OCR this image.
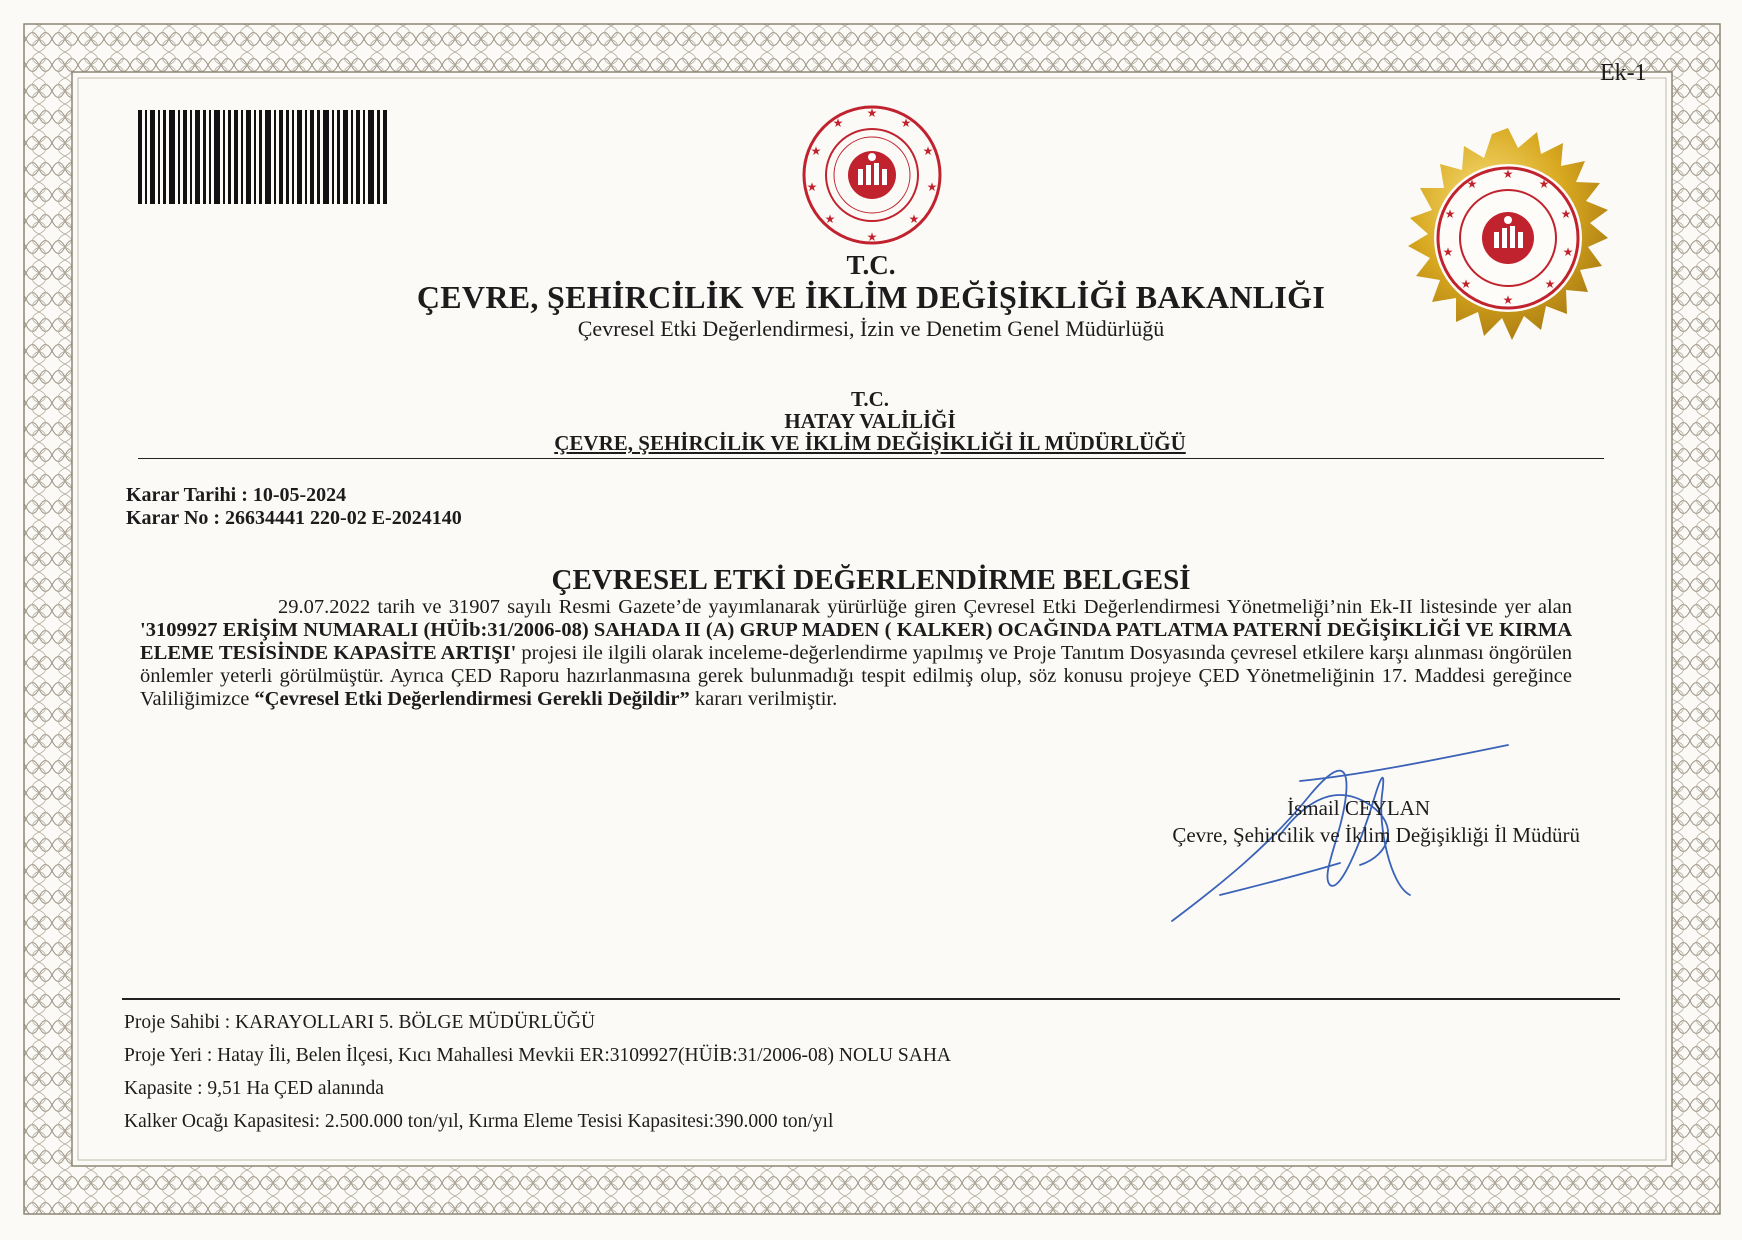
Ek-1
★
★
★
★
★
★
★
★
★
★
★
★
★
★
★
★
★
★
★
★
T.C.
ÇEVRE, ŞEHİRCİLİK VE İKLİM DEĞİŞİKLİĞİ BAKANLIĞI
Çevresel Etki Değerlendirmesi, İzin ve Denetim Genel Müdürlüğü
T.C.
HATAY VALİLİĞİ
ÇEVRE, ŞEHİRCİLİK VE İKLİM DEĞİŞİKLİĞİ İL MÜDÜRLÜĞÜ
Karar Tarihi : 10-05-2024
Karar No : 26634441 220-02 E-2024140
ÇEVRESEL ETKİ DEĞERLENDİRME BELGESİ
29.07.2022 tarih ve 31907 sayılı Resmi Gazete’de yayımlanarak yürürlüğe giren Çevresel Etki Değerlendirmesi Yönetmeliği’nin Ek-II listesinde yer alan '3109927 ERİŞİM NUMARALI (HÜİb:31/2006-08) SAHADA II (A) GRUP MADEN ( KALKER) OCAĞINDA PATLATMA PATERNİ DEĞİŞİKLİĞİ VE KIRMA ELEME TESİSİNDE KAPASİTE ARTIŞI' projesi ile ilgili olarak inceleme-değerlendirme yapılmış ve Proje Tanıtım Dosyasında çevresel etkilere karşı alınması öngörülen önlemler yeterli görülmüştür. Ayrıca ÇED Raporu hazırlanmasına gerek bulunmadığı tespit edilmiş olup, söz konusu projeye ÇED Yönetmeliğinin 17. Maddesi gereğince Valiliğimizce “Çevresel Etki Değerlendirmesi Gerekli Değildir” kararı verilmiştir.
İsmail CEYLAN
Çevre, Şehircilik ve İklim Değişikliği İl Müdürü
Proje Sahibi : KARAYOLLARI 5. BÖLGE MÜDÜRLÜĞÜ
Proje Yeri : Hatay İli, Belen İlçesi, Kıcı Mahallesi Mevkii ER:3109927(HÜİB:31/2006-08) NOLU SAHA
Kapasite : 9,51 Ha ÇED alanında
Kalker Ocağı Kapasitesi: 2.500.000 ton/yıl, Kırma Eleme Tesisi Kapasitesi:390.000 ton/yıl
